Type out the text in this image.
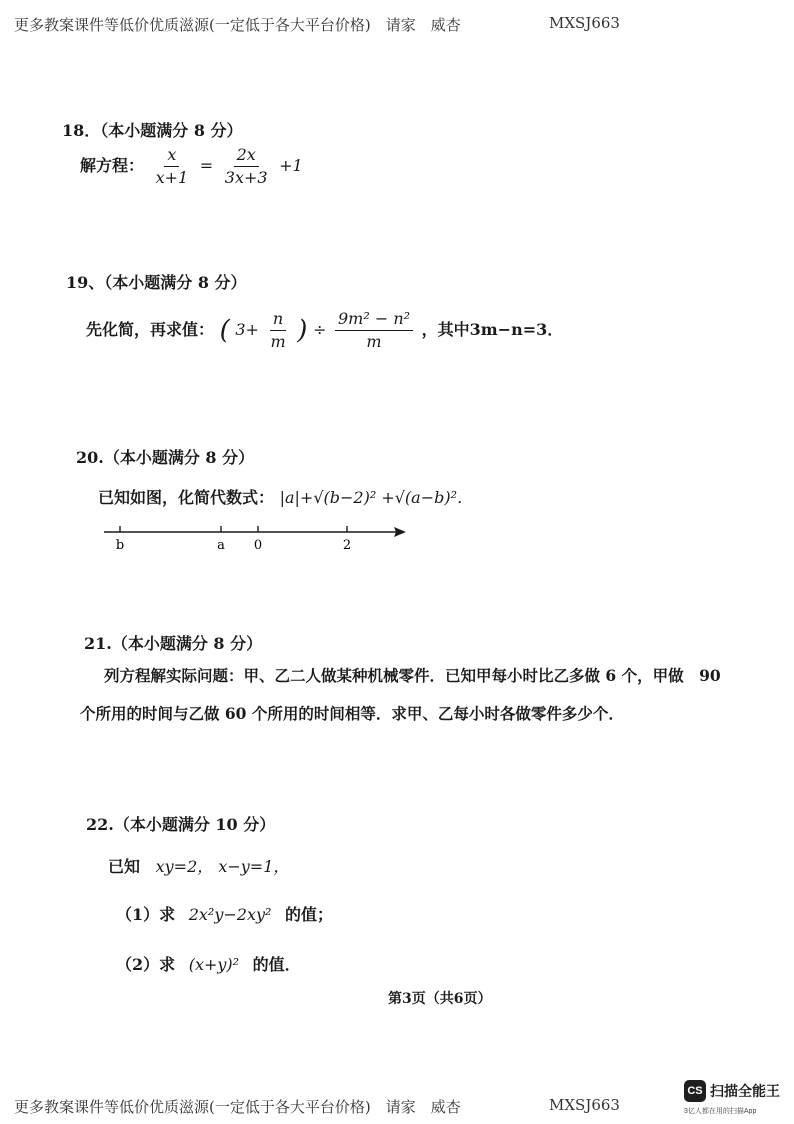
更多教案课件等低价优质滋源(一定低于各大平台价格)　请家　威杏	MXSJ663
18．（本小题满分 8 分）
解方程： $\frac{x}{x+1} = \frac{2x}{3x+3} +1$
19、（本小题满分 8 分）
先化简，再求值： ( $3+ \frac{n}{m}$ ) ÷ $\frac{\text{9m² − n²}}{m}$ ，其中3m−n=3．
20.（本小题满分 8 分）
已知如图，化简代数式： |a|+√(b−2)² +√(a−b)²．
b	a 0	2
21.（本小题满分 8 分）
列方程解实际问题：甲、乙二人做某种机械零件．已知甲每小时比乙多做 6 个，甲做　90
个所用的时间与乙做 60 个所用的时间相等．求甲、乙每小时各做零件多少个．
22.（本小题满分 10 分）
已知 xy=2， x−y=1，
（1）求 2x²y−2xy² 的值；
（2）求 (x+y)² 的值．
第3页（共6页）
更多教案课件等低价优质滋源(一定低于各大平台价格)　请家　威杏	MXSJ663
CS 扫描全能王
3亿人都在用的扫描App
